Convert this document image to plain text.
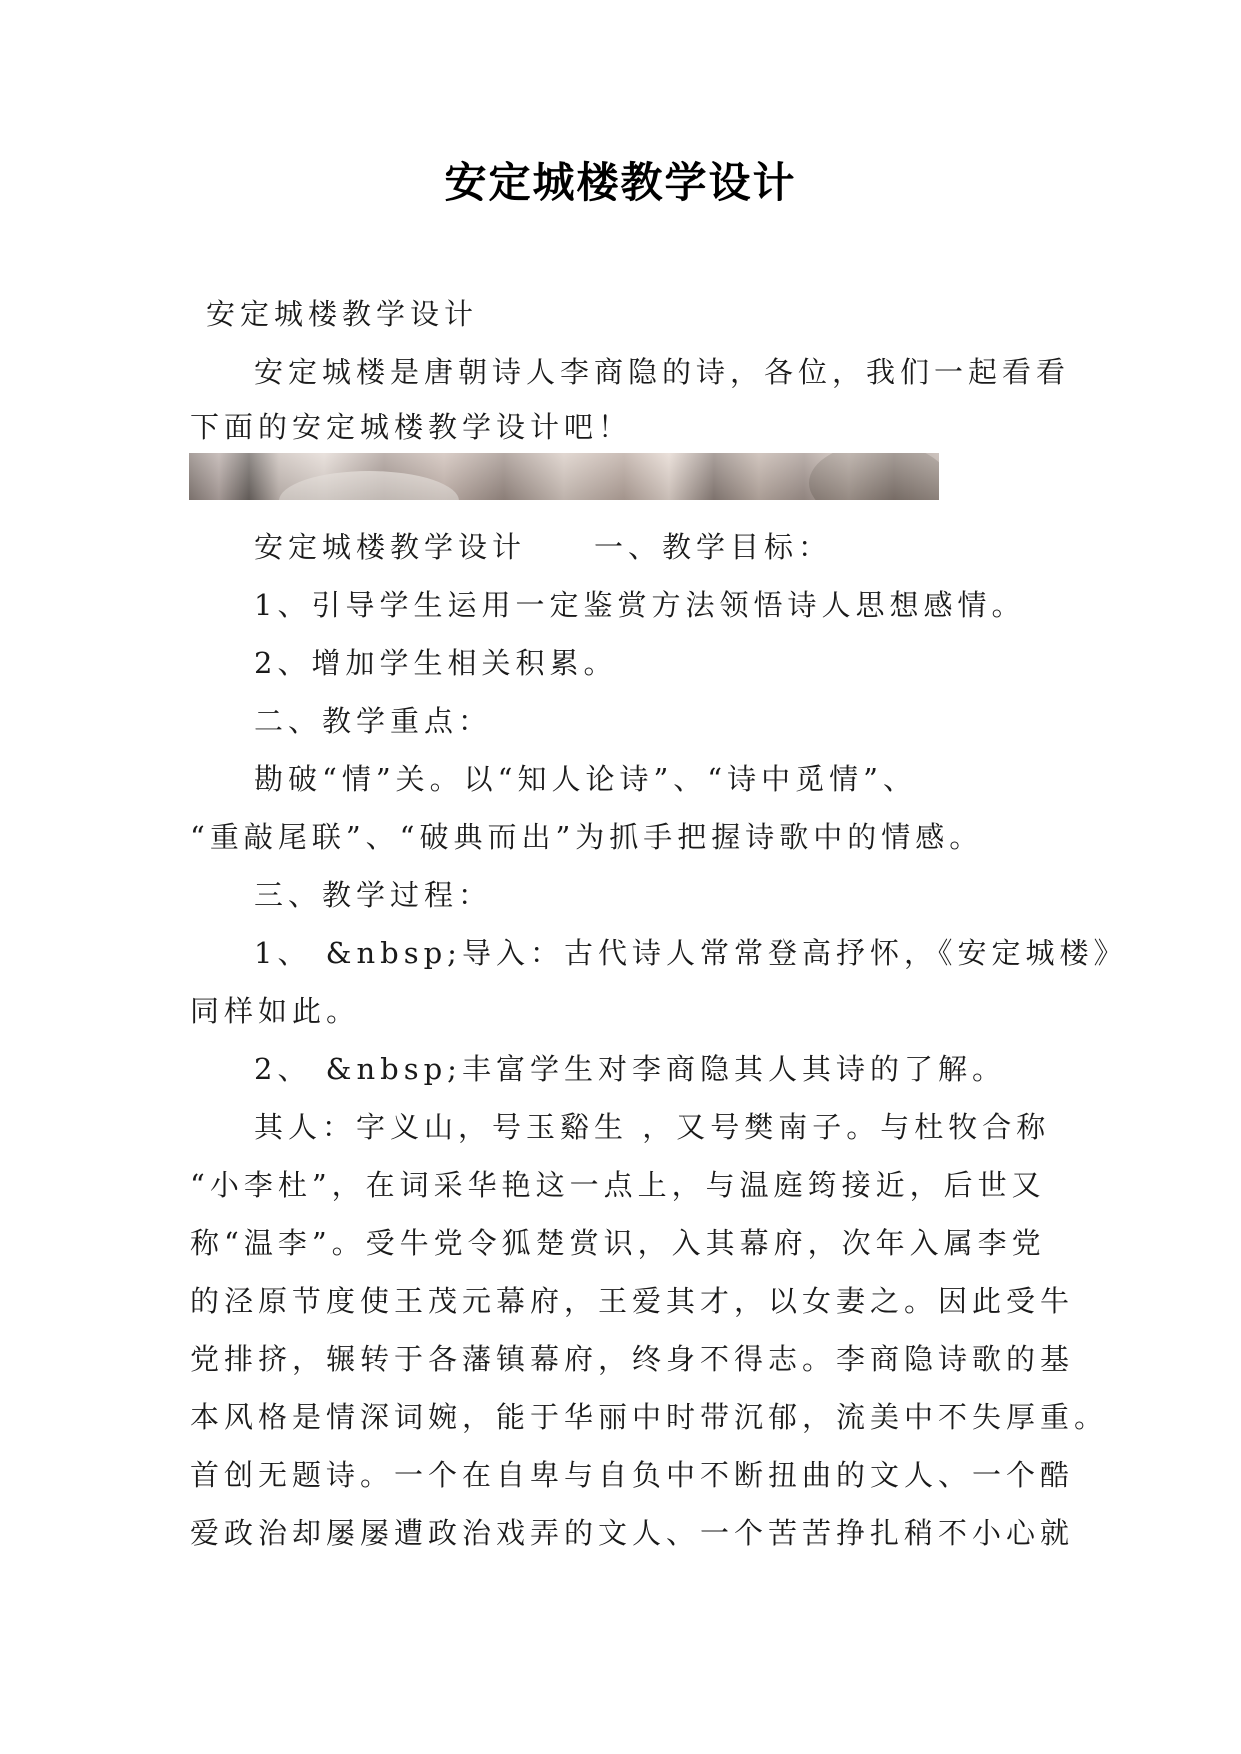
安定城楼教学设计
安定城楼教学设计
安定城楼是唐朝诗人李商隐的诗，各位，我们一起看看
下面的安定城楼教学设计吧！
安定城楼教学设计　　一、教学目标：
1、引导学生运用一定鉴赏方法领悟诗人思想感情。
2、增加学生相关积累。
二、教学重点：
勘破“情”关。以“知人论诗”、“诗中觅情”、
“重敲尾联”、“破典而出”为抓手把握诗歌中的情感。
三、教学过程：
1、 &nbsp;导入：古代诗人常常登高抒怀，《安定城楼》
同样如此。
2、 &nbsp;丰富学生对李商隐其人其诗的了解。
其人：字义山，号玉谿生 ，又号樊南子。与杜牧合称
“小李杜”，在词采华艳这一点上，与温庭筠接近，后世又
称“温李”。受牛党令狐楚赏识，入其幕府，次年入属李党
的泾原节度使王茂元幕府，王爱其才，以女妻之。因此受牛
党排挤，辗转于各藩镇幕府，终身不得志。李商隐诗歌的基
本风格是情深词婉，能于华丽中时带沉郁，流美中不失厚重。
首创无题诗。一个在自卑与自负中不断扭曲的文人、一个酷
爱政治却屡屡遭政治戏弄的文人、一个苦苦挣扎稍不小心就
